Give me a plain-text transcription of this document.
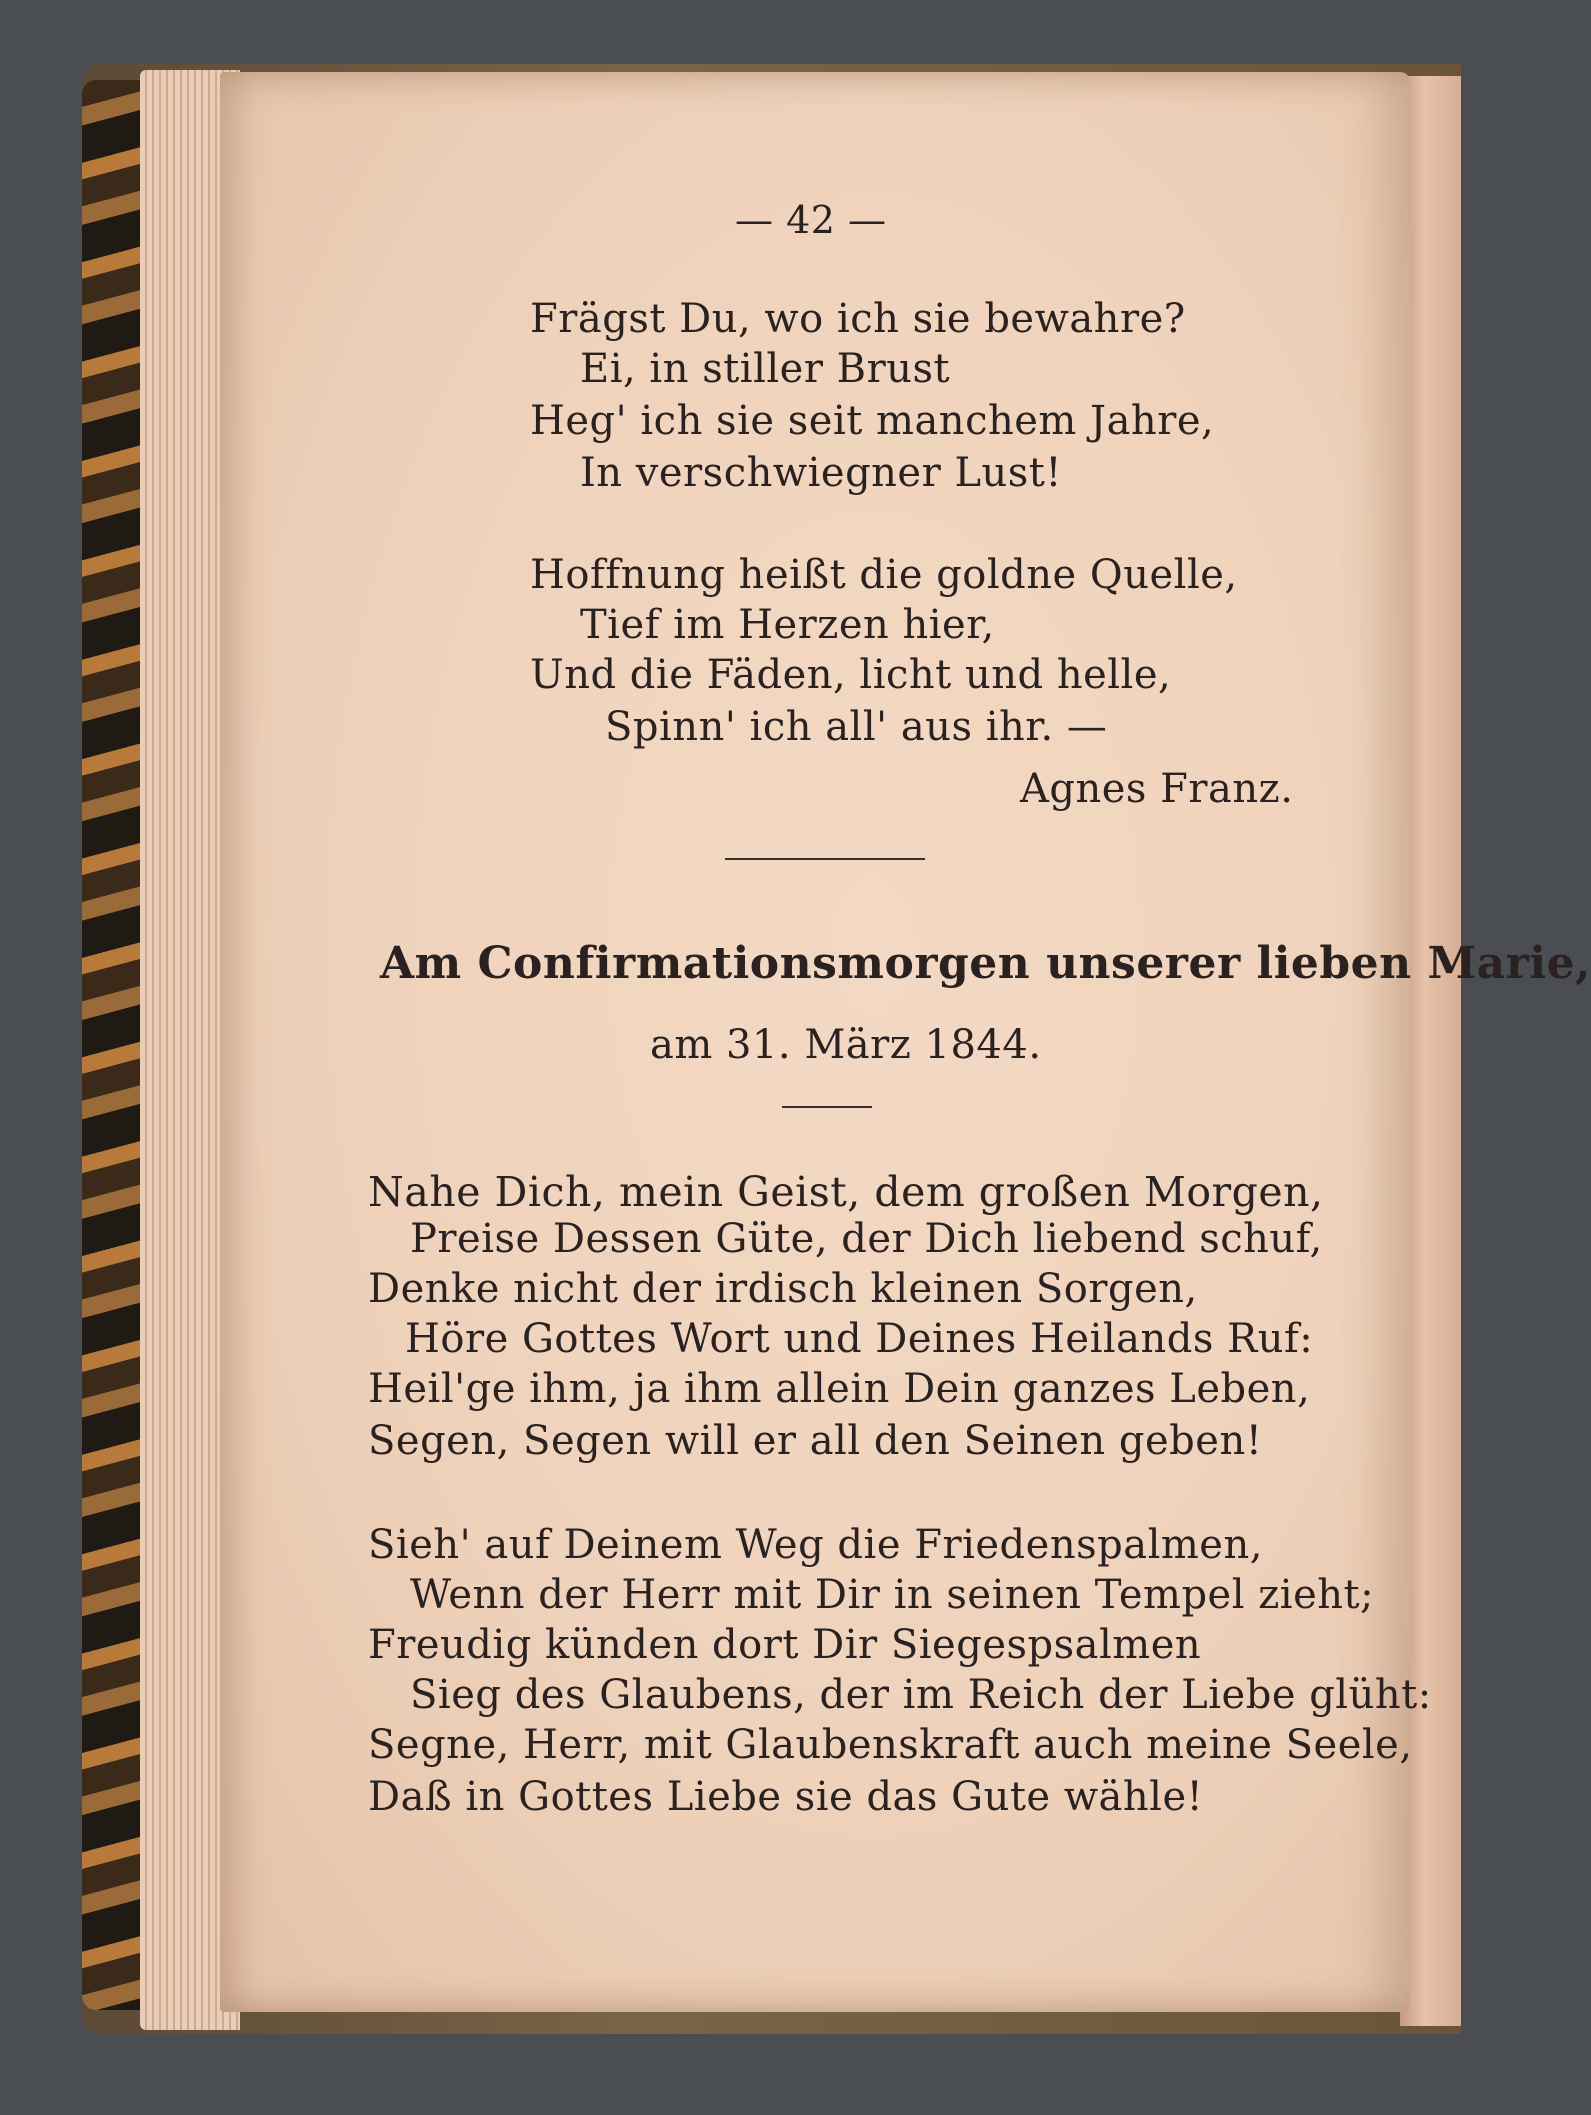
— 42 —
Frägst Du, wo ich sie bewahre?
Ei, in stiller Brust
Heg' ich sie seit manchem Jahre,
In verschwiegner Lust!
Hoffnung heißt die goldne Quelle,
Tief im Herzen hier,
Und die Fäden, licht und helle,
Spinn' ich all' aus ihr. —
Agnes Franz.
Am Confirmationsmorgen unserer lieben Marie,
am 31. März 1844.
Nahe Dich, mein Geist, dem großen Morgen,
Preise Dessen Güte, der Dich liebend schuf,
Denke nicht der irdisch kleinen Sorgen,
Höre Gottes Wort und Deines Heilands Ruf:
Heil'ge ihm, ja ihm allein Dein ganzes Leben,
Segen, Segen will er all den Seinen geben!
Sieh' auf Deinem Weg die Friedenspalmen,
Wenn der Herr mit Dir in seinen Tempel zieht;
Freudig künden dort Dir Siegespsalmen
Sieg des Glaubens, der im Reich der Liebe glüht:
Segne, Herr, mit Glaubenskraft auch meine Seele,
Daß in Gottes Liebe sie das Gute wähle!
